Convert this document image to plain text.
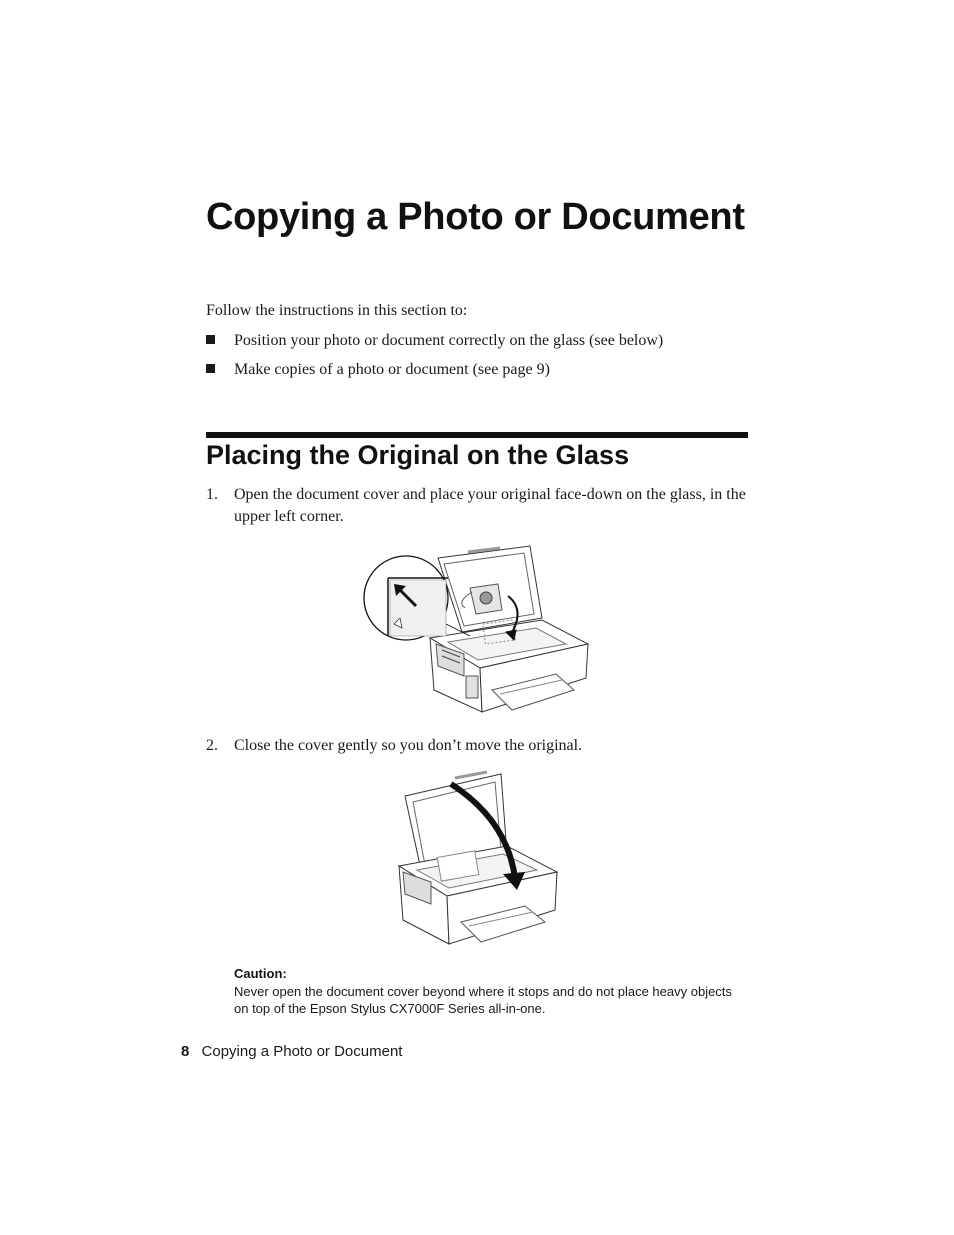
Copying a Photo or Document

Follow the instructions in this section to:

Position your photo or document correctly on the glass (see below)
Make copies of a photo or document (see page 9)
Placing the Original on the Glass
1.	Open the document cover and place your original face-down on the glass, in the upper left corner.
2.	Close the cover gently so you don’t move the original.

Caution:

Never open the document cover beyond where it stops and do not place heavy objects on top of the Epson Stylus CX7000F Series all-in-one.

8 Copying a Photo or Document
